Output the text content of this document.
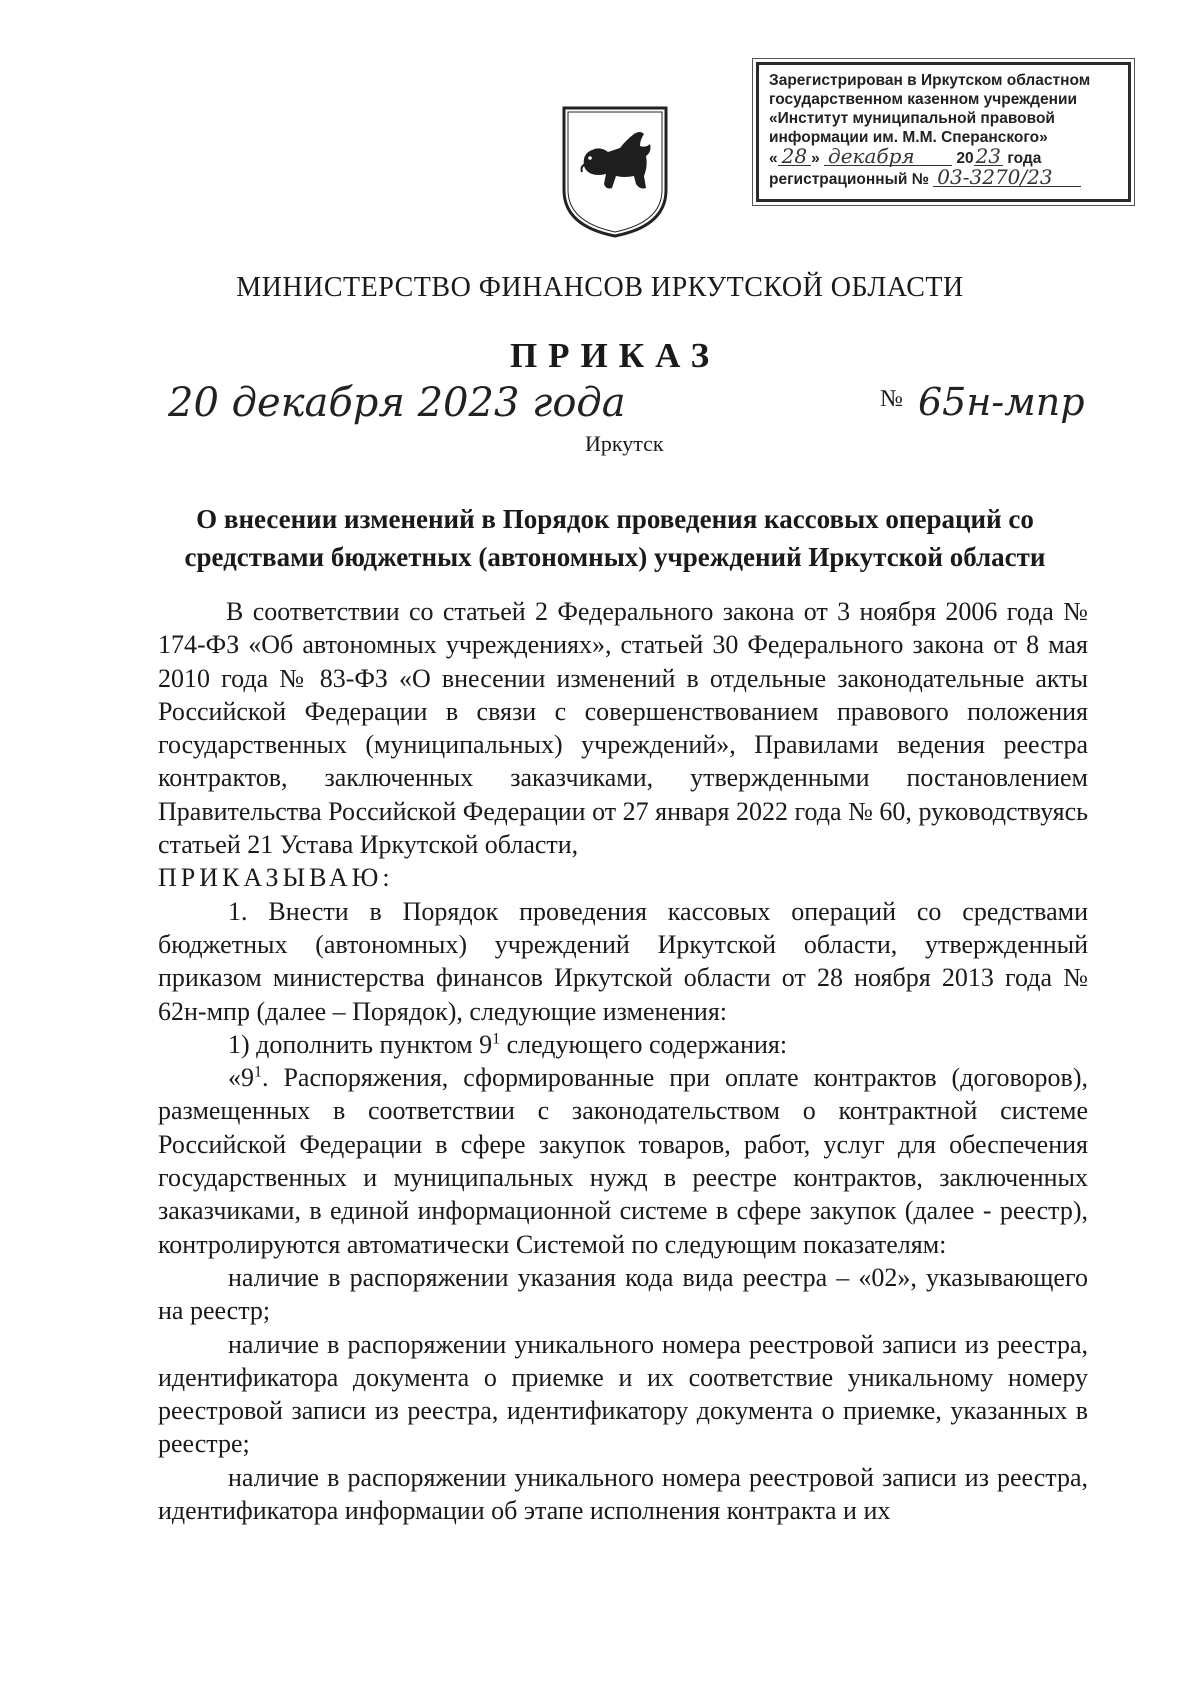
Зарегистрирован в Иркутском областном
государственном казенном учреждении
«Институт муниципальной правовой
информации им. М.М. Сперанского»
« 28 » декабря	20 23 года
регистрационный № 03-3270/23
МИНИСТЕРСТВО ФИНАНСОВ ИРКУТСКОЙ ОБЛАСТИ
ПРИКАЗ
20 декабря 2023 года	№ 65н-мпр
Иркутск
О внесении изменений в Порядок проведения кассовых операций со
средствами бюджетных (автономных) учреждений Иркутской области

В соответствии со статьей 2 Федерального закона от 3 ноября 2006 года № 174-ФЗ «Об автономных учреждениях», статьей 30 Федерального закона от 8 мая 2010 года № 83-ФЗ «О внесении изменений в отдельные законодательные акты Российской Федерации в связи с совершенствованием правового положения государственных (муниципальных) учреждений», Правилами ведения реестра контрактов, заключенных заказчиками, утвержденными постановлением Правительства Российской Федерации от 27 января 2022 года № 60, руководствуясь статьей 21 Устава Иркутской области,

ПРИКАЗЫВАЮ:

1. Внести в Порядок проведения кассовых операций со средствами бюджетных (автономных) учреждений Иркутской области, утвержденный приказом министерства финансов Иркутской области от 28 ноября 2013 года № 62н-мпр (далее – Порядок), следующие изменения:

1) дополнить пунктом $9^1$ следующего содержания:

«$9^1$. Распоряжения, сформированные при оплате контрактов (договоров), размещенных в соответствии с законодательством о контрактной системе Российской Федерации в сфере закупок товаров, работ, услуг для обеспечения государственных и муниципальных нужд в реестре контрактов, заключенных заказчиками, в единой информационной системе в сфере закупок (далее - реестр), контролируются автоматически Системой по следующим показателям:

наличие в распоряжении указания кода вида реестра – «02», указывающего на реестр;

наличие в распоряжении уникального номера реестровой записи из реестра, идентификатора документа о приемке и их соответствие уникальному номеру реестровой записи из реестра, идентификатору документа о приемке, указанных в реестре;

наличие в распоряжении уникального номера реестровой записи из реестра, идентификатора информации об этапе исполнения контракта и их
